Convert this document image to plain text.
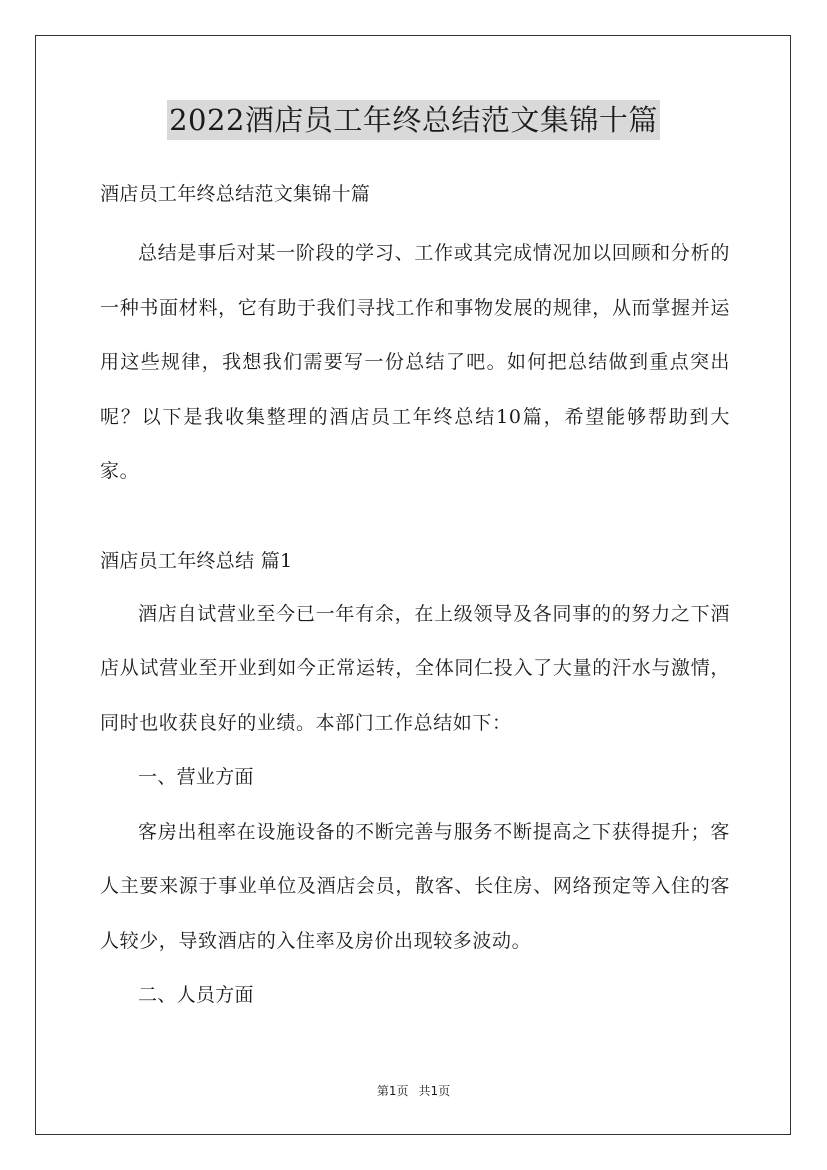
2022酒店员工年终总结范文集锦十篇

酒店员工年终总结范文集锦十篇

总结是事后对某一阶段的学习、工作或其完成情况加以回顾和分析的一种书面材料，它有助于我们寻找工作和事物发展的规律，从而掌握并运用这些规律，我想我们需要写一份总结了吧。如何把总结做到重点突出呢？以下是我收集整理的酒店员工年终总结10篇，希望能够帮助到大家。

酒店员工年终总结 篇1

酒店自试营业至今已一年有余，在上级领导及各同事的的努力之下酒店从试营业至开业到如今正常运转，全体同仁投入了大量的汗水与激情，同时也收获良好的业绩。本部门工作总结如下：

一、营业方面

客房出租率在设施设备的不断完善与服务不断提高之下获得提升；客人主要来源于事业单位及酒店会员，散客、长住房、网络预定等入住的客人较少，导致酒店的入住率及房价出现较多波动。

二、人员方面

第1页 共1页
